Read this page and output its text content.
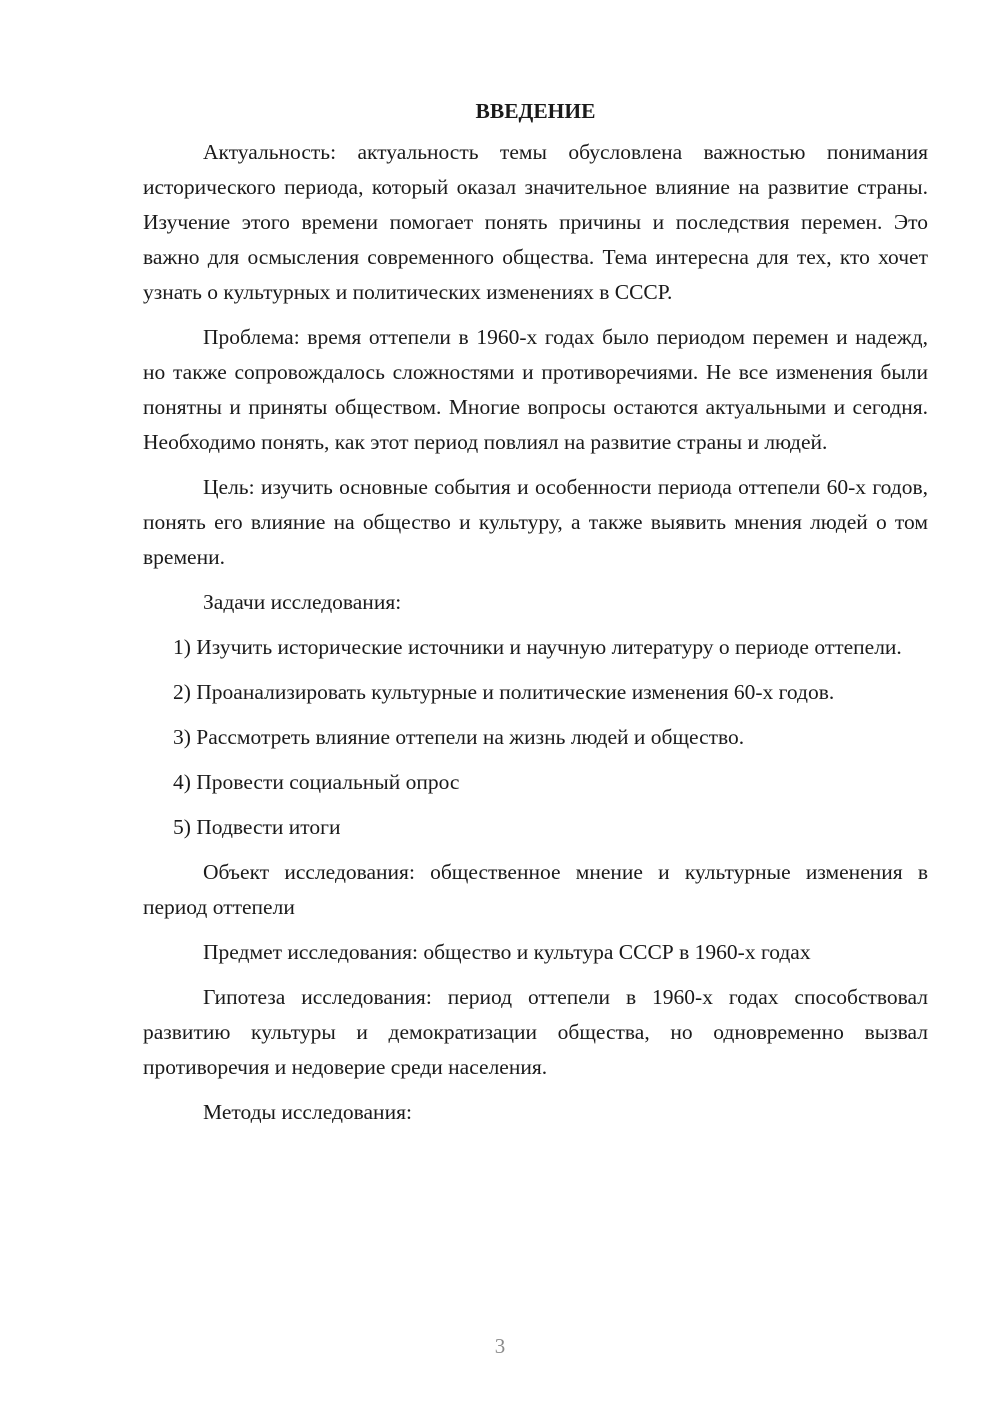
ВВЕДЕНИЕ

Актуальность: актуальность темы обусловлена важностью понимания исторического периода, который оказал значительное влияние на развитие страны. Изучение этого времени помогает понять причины и последствия перемен. Это важно для осмысления современного общества. Тема интересна для тех, кто хочет узнать о культурных и политических изменениях в СССР.

Проблема: время оттепели в 1960-х годах было периодом перемен и надежд, но также сопровождалось сложностями и противоречиями. Не все изменения были понятны и приняты обществом. Многие вопросы остаются актуальными и сегодня. Необходимо понять, как этот период повлиял на развитие страны и людей.

Цель: изучить основные события и особенности периода оттепели 60-х годов, понять его влияние на общество и культуру, а также выявить мнения людей о том времени.

Задачи исследования:

1) Изучить исторические источники и научную литературу о периоде оттепели.

2) Проанализировать культурные и политические изменения 60-х годов.

3) Рассмотреть влияние оттепели на жизнь людей и общество.

4) Провести социальный опрос

5) Подвести итоги

Объект исследования: общественное мнение и культурные изменения в период оттепели

Предмет исследования: общество и культура СССР в 1960-х годах

Гипотеза исследования: период оттепели в 1960-х годах способствовал развитию культуры и демократизации общества, но одновременно вызвал противоречия и недоверие среди населения.

Методы исследования:

3
